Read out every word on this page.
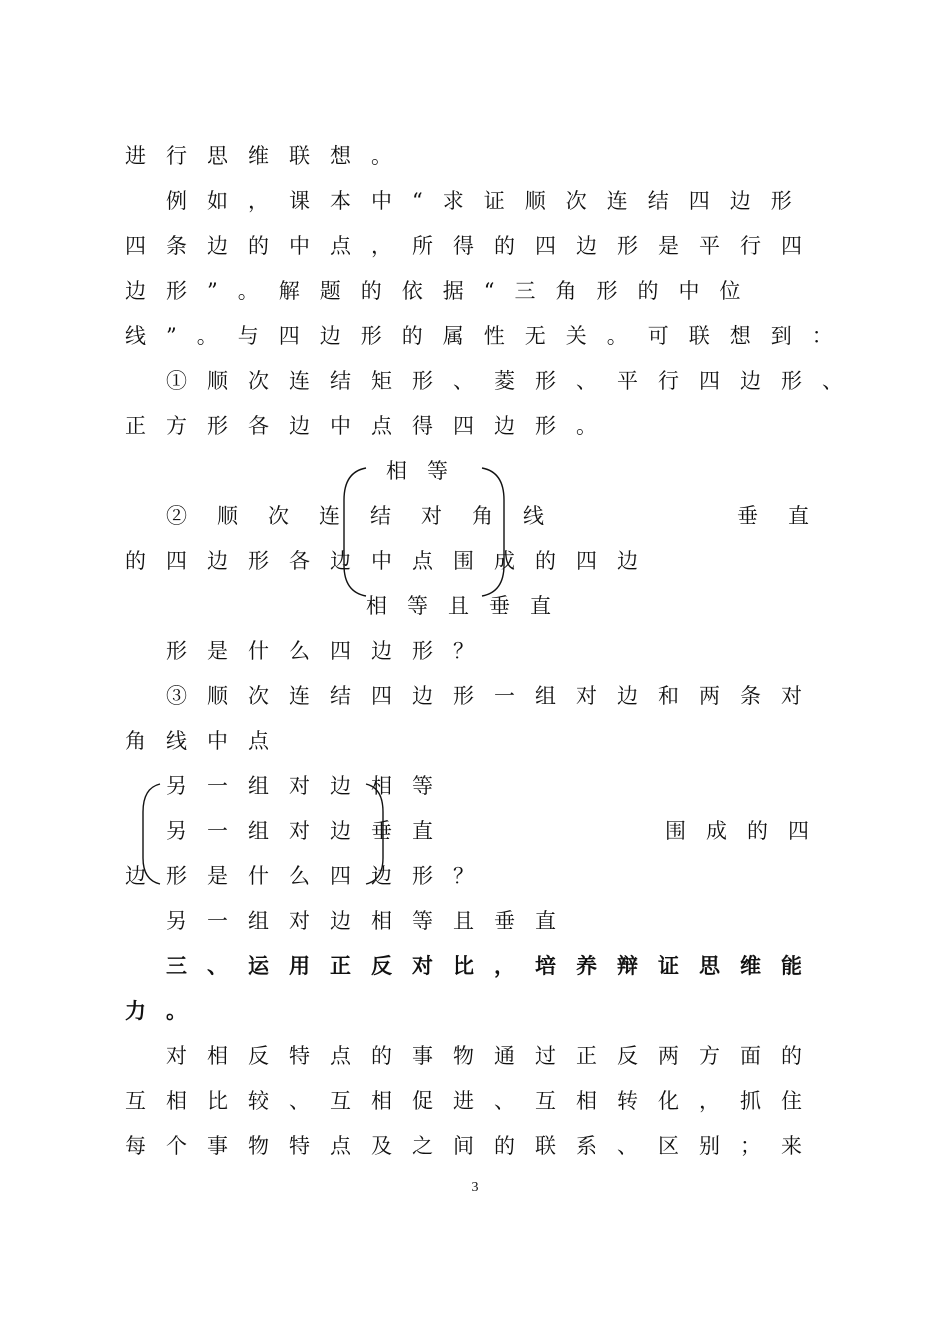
进行思维联想。
例如，课本中“求证顺次连结四边形
四条边的中点，所得的四边形是平行四
边形”。解题的依据“三角形的中位
线”。与四边形的属性无关。可联想到：
①顺次连结矩形、菱形、平行四边形、
正方形各边中点得四边形。
相等
②顺次连结对角线	垂直
的四边形各边中点围成的四边
相等且垂直
形是什么四边形？
③顺次连结四边形一组对边和两条对
角线中点
另一组对边相等
另一组对边垂直	围成的四
边形是什么四边形？
另一组对边相等且垂直
三、运用正反对比，培养辩证思维能
力。
对相反特点的事物通过正反两方面的
互相比较、互相促进、互相转化，抓住
每个事物特点及之间的联系、区别；来
3
